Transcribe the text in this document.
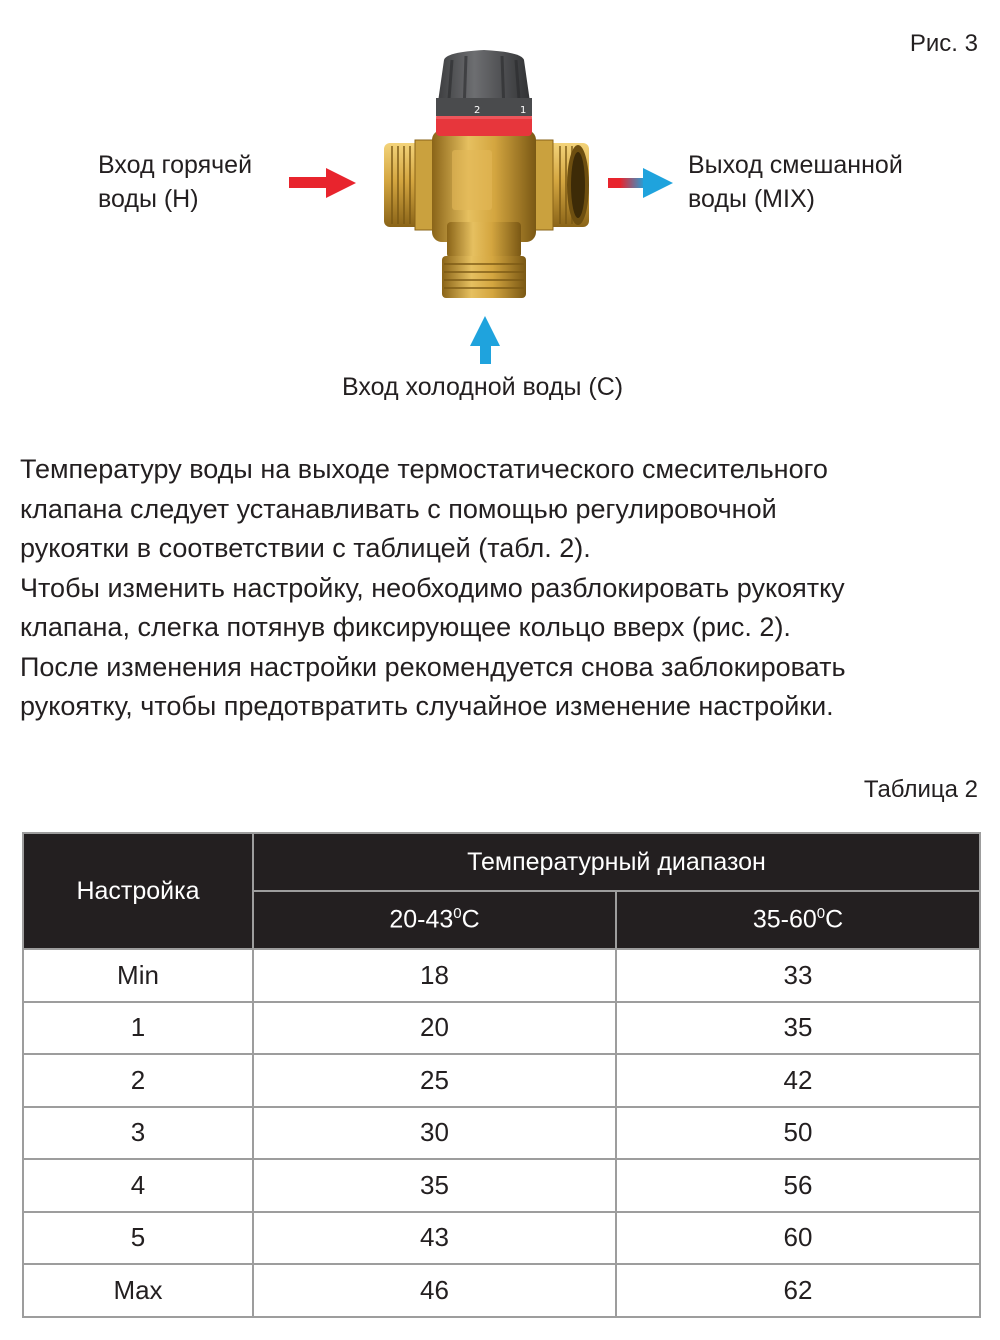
Рис. 3
2	1
Вход горячей
воды (H)
Выход смешанной
воды (MIX)
Вход холодной воды (С)

Температуру воды на выходе термостатического смесительного

клапана следует устанавливать с помощью регулировочной

рукоятки в соответствии с таблицей (табл. 2).

Чтобы изменить настройку, необходимо разблокировать рукоятку

клапана, слегка потянув фиксирующее кольцо вверх (рис. 2).

После изменения настройки рекомендуется снова заблокировать

рукоятку, чтобы предотвратить случайное изменение настройки.

Таблица 2
Настройка	Температурный диапазон	
	$20-43^0C$	$35-60^0C$
Min	18	33
1	20	35
2	25	42
3	30	50
4	35	56
5	43	60
Max	46	62
